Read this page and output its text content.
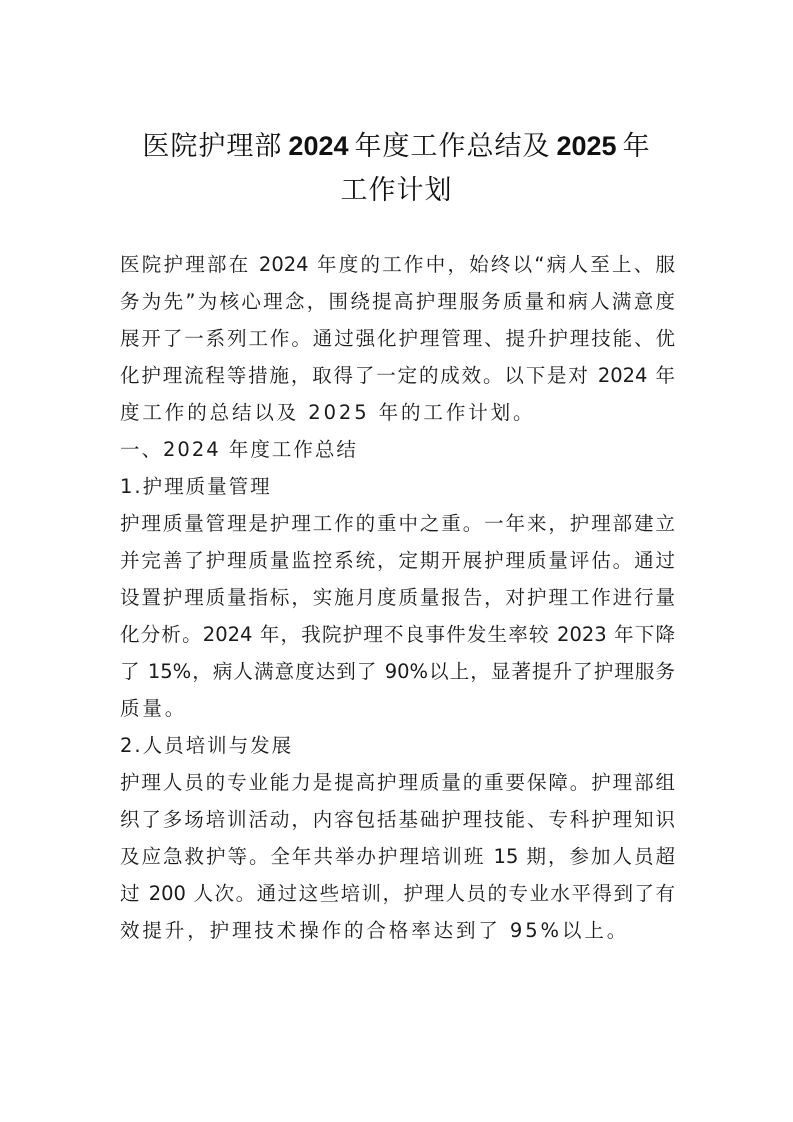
医院护理部 2024 年度工作总结及 2025 年
工作计划
医院护理部在 2024 年度的工作中，始终以“病人至上、服
务为先”为核心理念，围绕提高护理服务质量和病人满意度
展开了一系列工作。通过强化护理管理、提升护理技能、优
化护理流程等措施，取得了一定的成效。以下是对 2024 年
度工作的总结以及 2025 年的工作计划。
一、2024 年度工作总结
1.护理质量管理
护理质量管理是护理工作的重中之重。一年来，护理部建立
并完善了护理质量监控系统，定期开展护理质量评估。通过
设置护理质量指标，实施月度质量报告，对护理工作进行量
化分析。2024 年，我院护理不良事件发生率较 2023 年下降
了 15%，病人满意度达到了 90%以上，显著提升了护理服务
质量。
2.人员培训与发展
护理人员的专业能力是提高护理质量的重要保障。护理部组
织了多场培训活动，内容包括基础护理技能、专科护理知识
及应急救护等。全年共举办护理培训班 15 期，参加人员超
过 200 人次。通过这些培训，护理人员的专业水平得到了有
效提升，护理技术操作的合格率达到了 95%以上。
